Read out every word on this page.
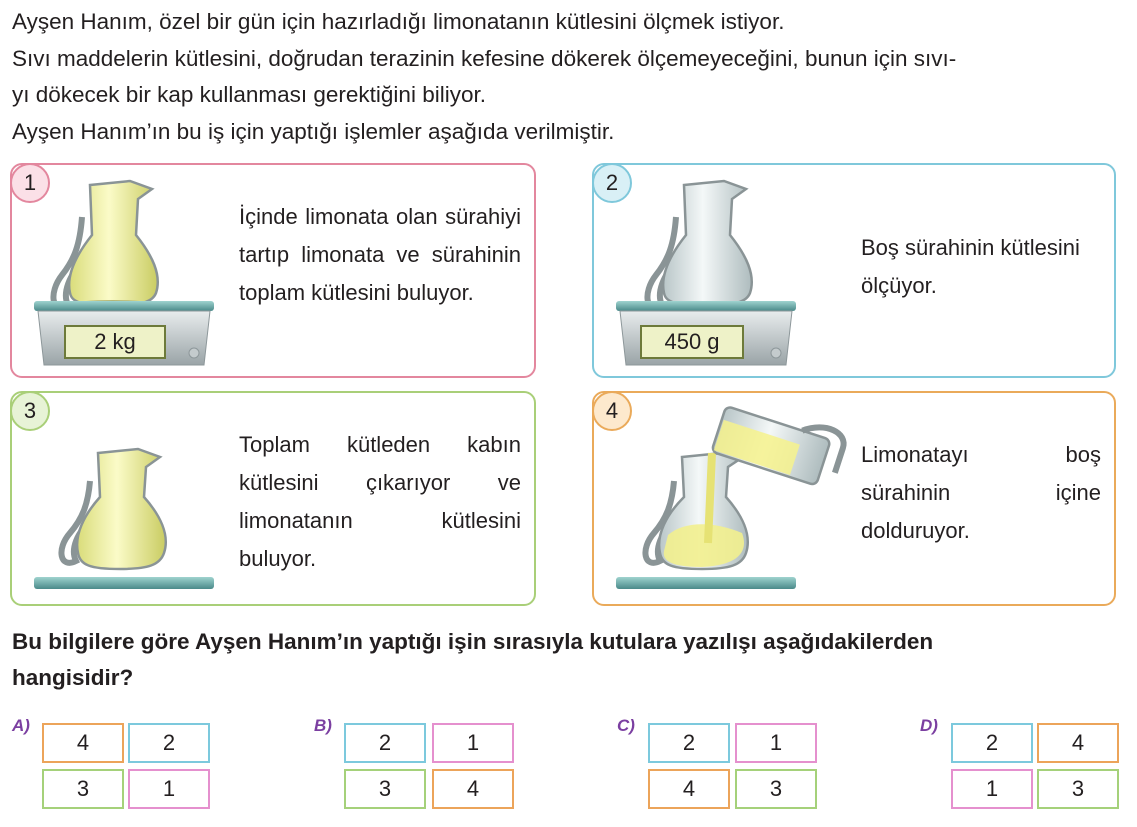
Ayşen Hanım, özel bir gün için hazırladığı limonatanın kütlesini ölçmek istiyor.

Sıvı maddelerin kütlesini, doğrudan terazinin kefesine dökerek ölçemeyeceğini, bunun için sıvı-

yı dökecek bir kap kullanması gerektiğini biliyor.

Ayşen Hanım’ın bu iş için yaptığı işlemler aşağıda verilmiştir.

2 kg
1
İçinde limonata olan sürahiyi tartıp limonata ve sürahinin toplam kütlesini buluyor.
450 g
2
Boş sürahinin kütlesini ölçüyor.
3
Toplam kütleden kabın kütlesini çıkarıyor ve limonatanın kütlesini buluyor.
4
Limonatayı boş sürahinin içine dolduruyor.

Bu bilgilere göre Ayşen Hanım’ın yaptığı işin sırasıyla kutulara yazılışı aşağıdakilerden

hangisidir?

A)
4	2
3	1
B)
2	1
3	4
C)
2	1
4	3
D)
2	4
1	3
